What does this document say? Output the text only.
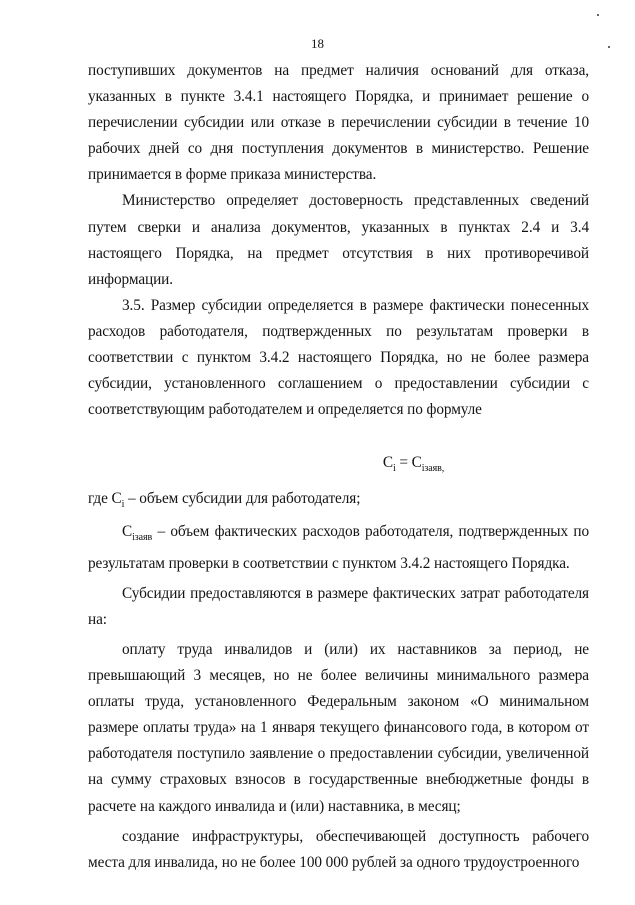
18

поступивших документов на предмет наличия оснований для отказа, указанных в пункте 3.4.1 настоящего Порядка, и принимает решение о перечислении субсидии или отказе в перечислении субсидии в течение 10 рабочих дней со дня поступления документов в министерство. Решение принимается в форме приказа министерства.

Министерство определяет достоверность представленных сведений путем сверки и анализа документов, указанных в пунктах 2.4 и 3.4 настоящего Порядка, на предмет отсутствия в них противоречивой информации.

3.5. Размер субсидии определяется в размере фактически понесенных расходов работодателя, подтвержденных по результатам проверки в соответствии с пунктом 3.4.2 настоящего Порядка, но не более размера субсидии, установленного соглашением о предоставлении субсидии с соответствующим работодателем и определяется по формуле

$C_i = C_{iзаяв,}$

где $C_i$ – объем субсидии для работодателя;

$C_{iзаяв}$ – объем фактических расходов работодателя, подтвержденных по результатам проверки в соответствии с пунктом 3.4.2 настоящего Порядка.

Субсидии предоставляются в размере фактических затрат работодателя на:

оплату труда инвалидов и (или) их наставников за период, не превышающий 3 месяцев, но не более величины минимального размера оплаты труда, установленного Федеральным законом «О минимальном размере оплаты труда» на 1 января текущего финансового года, в котором от работодателя поступило заявление о предоставлении субсидии, увеличенной на сумму страховых взносов в государственные внебюджетные фонды в расчете на каждого инвалида и (или) наставника, в месяц;

создание инфраструктуры, обеспечивающей доступность рабочего места для инвалида, но не более 100 000 рублей за одного трудоустроенного
